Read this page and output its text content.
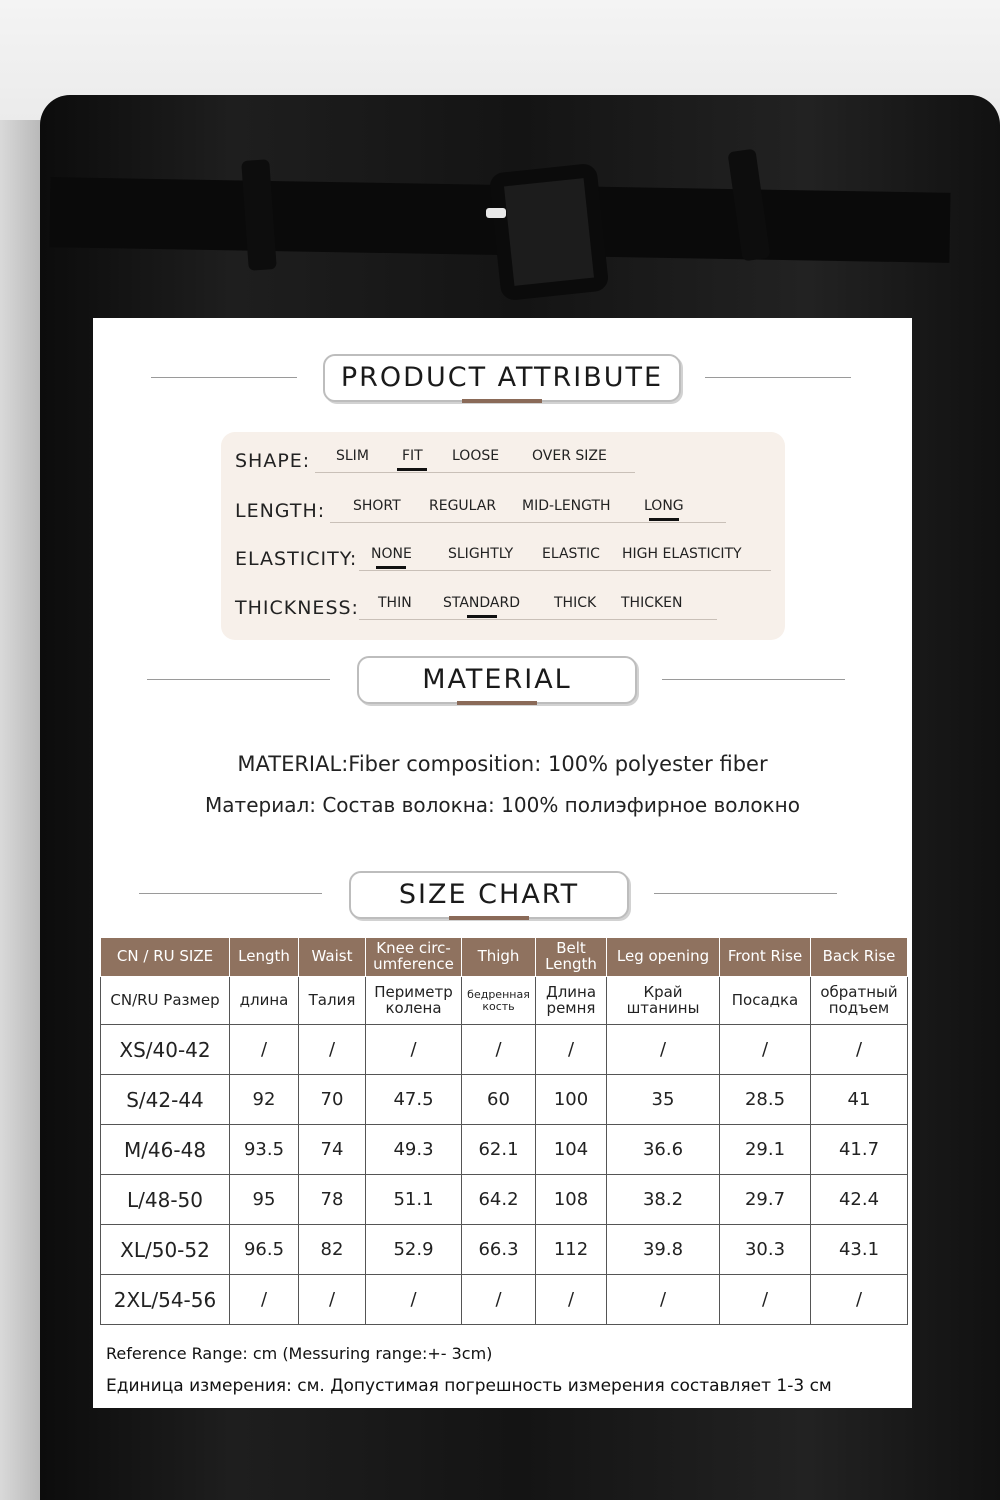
PRODUCT ATTRIBUTE
SHAPE: SLIM FIT LOOSE OVER SIZE
LENGTH: SHORT REGULAR MID-LENGTH LONG
ELASTICITY: NONE	SLIGHTLY ELASTIC HIGH ELASTICITY
THICKNESS: THIN STANDARD THICK THICKEN
MATERIAL
MATERIAL:Fiber composition: 100% polyester fiber
Материал: Состав волокна: 100% полиэфирное волокно
SIZE CHART
CN / RU SIZE	Length	Waist	Knee circ-umference	Thigh	Belt Length	Leg opening	Front Rise	Back Rise
CN/RU Размер	длина	Талия	Периметр колена	бедренная кость	Длина ремня	Край штанины	Посадка	обратный подъем
XS/40-42	/	/	/	/	/	/	/	/
S/42-44	92	70	47.5	60	100	35	28.5	41
M/46-48	93.5	74	49.3	62.1	104	36.6	29.1	41.7
L/48-50	95	78	51.1	64.2	108	38.2	29.7	42.4
XL/50-52	96.5	82	52.9	66.3	112	39.8	30.3	43.1
2XL/54-56	/	/	/	/	/	/	/	/
Reference Range: cm (Messuring range:+- 3cm)
Единица измерения: см. Допустимая погрешность измерения составляет 1-3 см
